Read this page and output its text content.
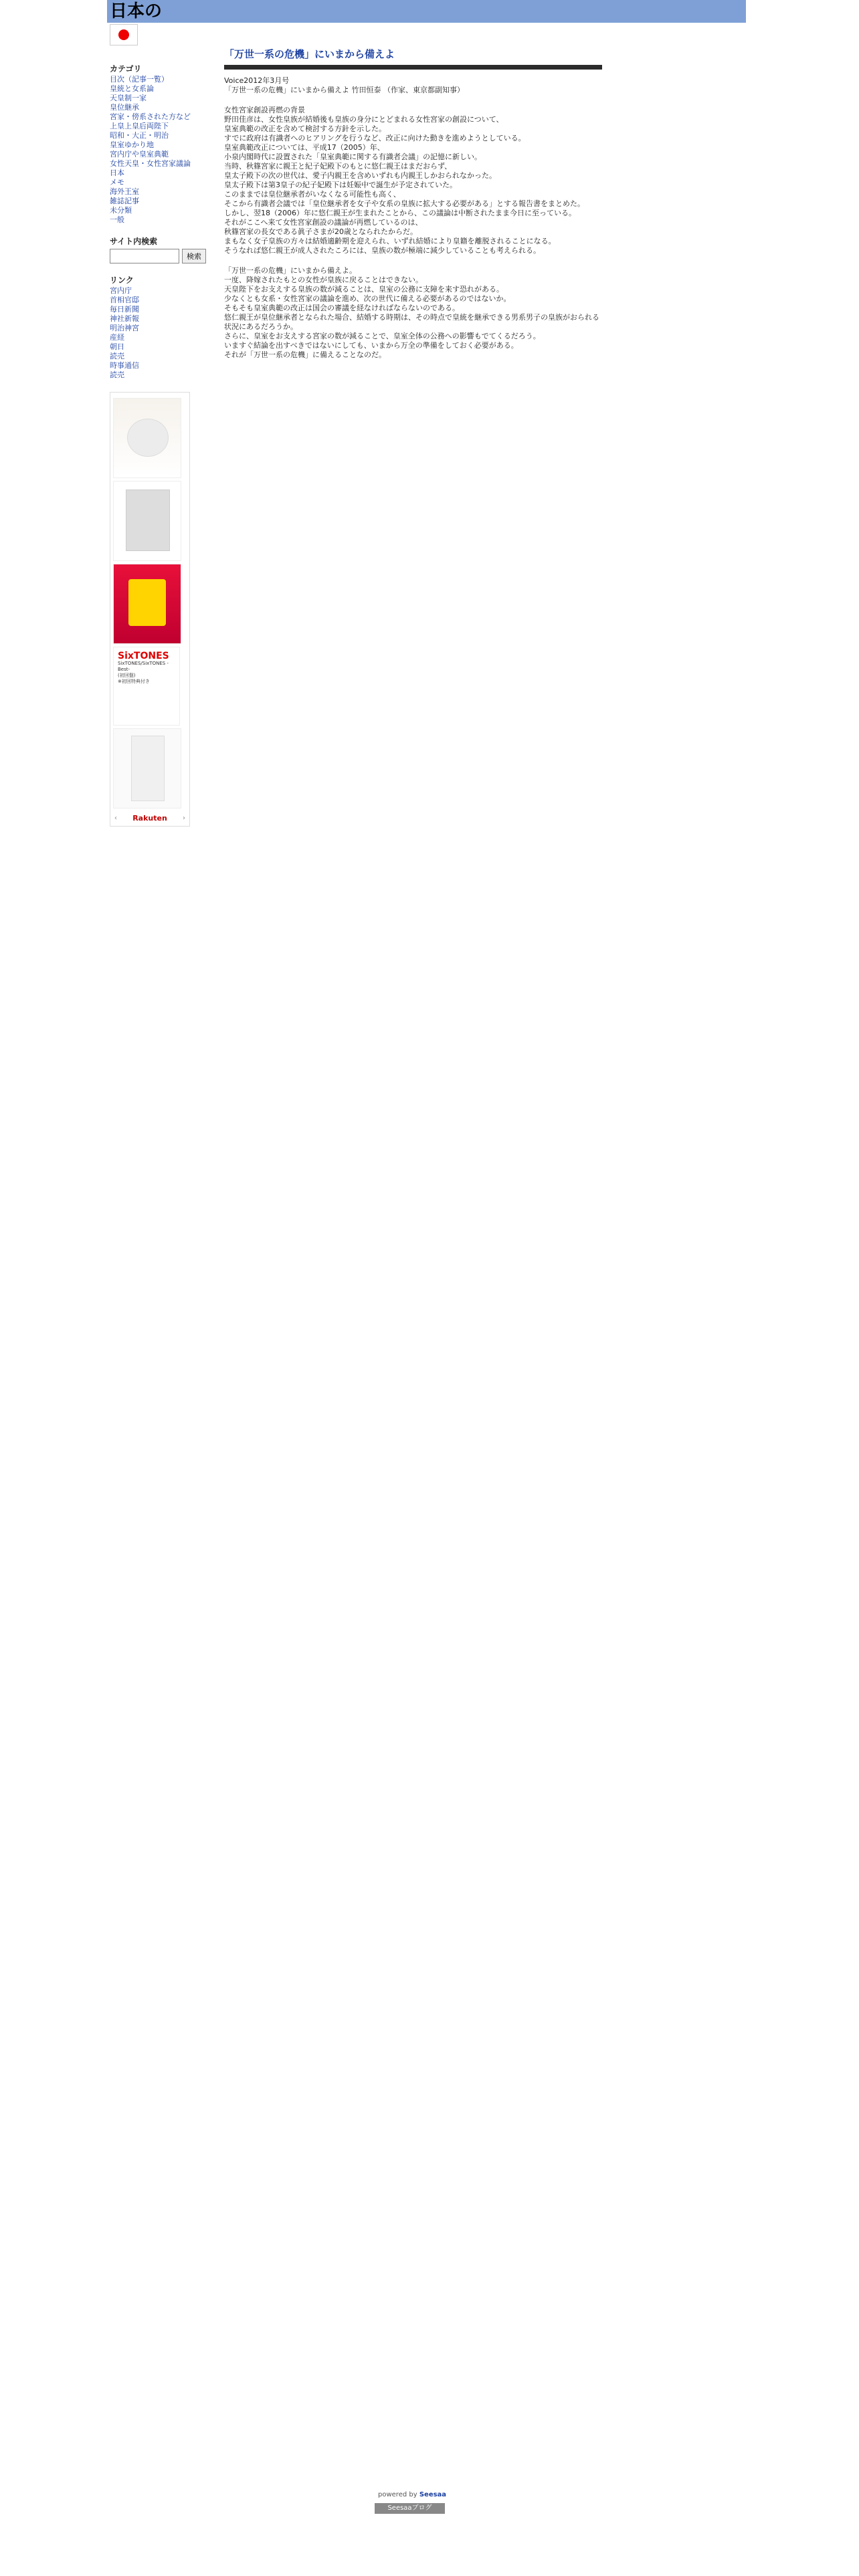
日本の
カテゴリ
目次（記事一覧）
皇統と女系論
天皇制一家
皇位継承
宮家・傍系された方など
上皇上皇后両陛下
昭和・大正・明治
皇室ゆかり地
宮内庁や皇室典範
女性天皇・女性宮家議論
日本
メモ
海外王室
雑誌記事
未分類
一般
サイト内検索
検索
リンク
宮内庁
首相官邸
毎日新聞
神社新報
明治神宮
産経
朝日
読売
時事通信
読売
SixTONES
SixTONES/SixTONES -Best-
(初回盤)
※初回特典付き
‹ Rakuten ›
「万世一系の危機」にいまから備えよ

Voice2012年3月号
「万世一系の危機」にいまから備えよ 竹田恒泰 （作家、東京都副知事）

女性宮家創設再燃の背景
野田佳彦は、女性皇族が結婚後も皇族の身分にとどまれる女性宮家の創設について、
皇室典範の改正を含めて検討する方針を示した。
すでに政府は有識者へのヒアリングを行うなど、改正に向けた動きを進めようとしている。
皇室典範改正については、平成17（2005）年、
小泉内閣時代に設置された「皇室典範に関する有識者会議」の記憶に新しい。
当時、秋篠宮家に親王と紀子妃殿下のもとに悠仁親王はまだおらず、
皇太子殿下の次の世代は、愛子内親王を含めいずれも内親王しかおられなかった。
皇太子殿下は第3皇子の紀子妃殿下は妊娠中で誕生が予定されていた。
このままでは皇位継承者がいなくなる可能性も高く、
そこから有識者会議では「皇位継承者を女子や女系の皇族に拡大する必要がある」とする報告書をまとめた。
しかし、翌18（2006）年に悠仁親王が生まれたことから、この議論は中断されたまま今日に至っている。
それがここへ来て女性宮家創設の議論が再燃しているのは、
秋篠宮家の長女である眞子さまが20歳となられたからだ。
まもなく女子皇族の方々は結婚適齢期を迎えられ、いずれ結婚により皇籍を離脱されることになる。
そうなれば悠仁親王が成人されたころには、皇族の数が極端に減少していることも考えられる。

「万世一系の危機」にいまから備えよ。
一度、降嫁されたもとの女性が皇族に戻ることはできない。
天皇陛下をお支えする皇族の数が減ることは、皇室の公務に支障を来す恐れがある。
少なくとも女系・女性宮家の議論を進め、次の世代に備える必要があるのではないか。
そもそも皇室典範の改正は国会の審議を経なければならないのである。
悠仁親王が皇位継承者となられた場合、結婚する時期は、その時点で皇統を継承できる男系男子の皇族がおられる状況にあるだろうか。
さらに、皇室をお支えする宮家の数が減ることで、皇室全体の公務への影響もでてくるだろう。
いますぐ結論を出すべきではないにしても、いまから万全の準備をしておく必要がある。
それが「万世一系の危機」に備えることなのだ。

powered by Seesaa
Seesaaブログ
